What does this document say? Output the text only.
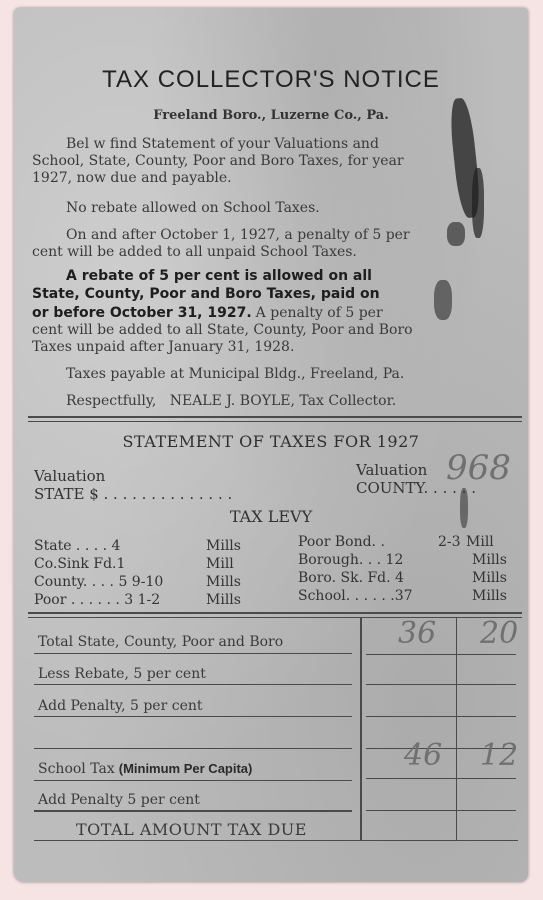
TAX COLLECTOR'S NOTICE
Freeland Boro., Luzerne Co., Pa.
Bel w find Statement of your Valuations and
School, State, County, Poor and Boro Taxes, for year
1927, now due and payable.
No rebate allowed on School Taxes.
On and after October 1, 1927, a penalty of 5 per
cent will be added to all unpaid School Taxes.
A rebate of 5 per cent is allowed on all
State, County, Poor and Boro Taxes, paid on
or before October 31, 1927. A penalty of 5 per
cent will be added to all State, County, Poor and Boro
Taxes unpaid after January 31, 1928.
Taxes payable at Municipal Bldg., Freeland, Pa.
Respectfully,   NEALE J. BOYLE, Tax Collector.
STATEMENT OF TAXES FOR 1927
Valuation
STATE $ . . . . . . . . . . . . . .
Valuation
COUNTY. . . . . .
968
TAX LEVY
State . . . . 4	Mills
Co.Sink Fd.1	Mill
County. . . . 5 9-10	Mills
Poor . . . . . . 3 1-2	Mills
Poor Bond. .	2-3 Mill
Borough. . . 12	Mills
Boro. Sk. Fd. 4	Mills
School. . . . . .37	Mills
Total State, County, Poor and Boro	36 20
Less Rebate, 5 per cent
Add Penalty, 5 per cent
School Tax (Minimum Per Capita)	46 12
Add Penalty 5 per cent
TOTAL AMOUNT TAX DUE
